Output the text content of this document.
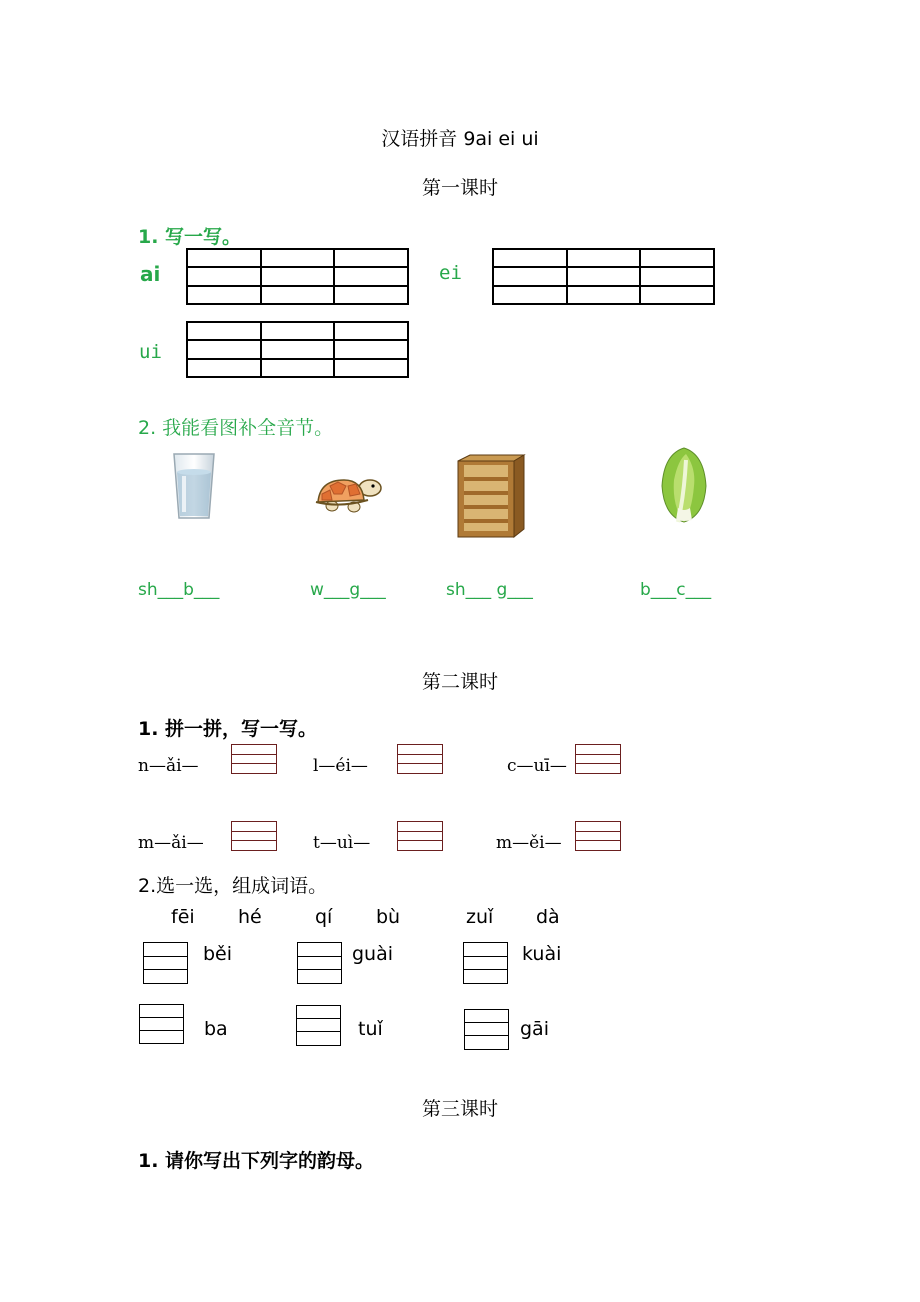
汉语拼音 9ai ei ui
第一课时
1. 写一写。
ai

			ei

ui

2. 我能看图补全音节。
sh___b___	w___g___	sh___ g___	b___c___
第二课时
1. 拼一拼，写一写。
n—ǎi—	l—éi—	c—uī—
m—ǎi—	t—uì—	m—ěi—
2.选一选，组成词语。
fēi hé	qí bù	zuǐ dà
běi	guài	kuài
ba	tuǐ	gāi
第三课时
1. 请你写出下列字的韵母。
